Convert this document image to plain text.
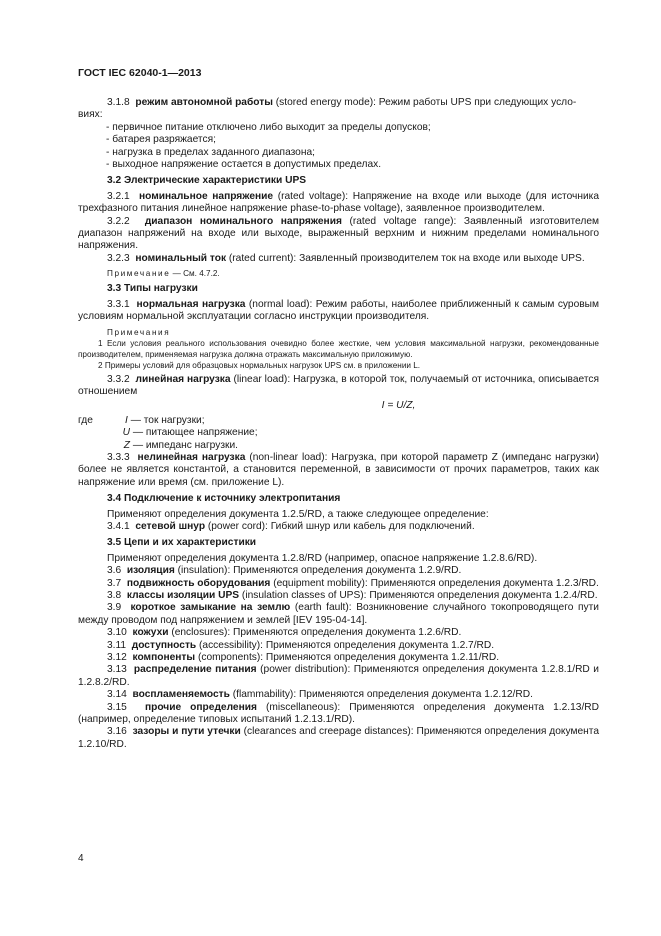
ГОСТ IEC 62040-1—2013

3.1.8 режим автономной работы (stored energy mode): Режим работы UPS при следующих усло-

виях:

- первичное питание отключено либо выходит за пределы допусков;

- батарея разряжается;

- нагрузка в пределах заданного диапазона;

- выходное напряжение остается в допустимых пределах.

3.2 Электрические характеристики UPS

3.2.1 номинальное напряжение (rated voltage): Напряжение на входе или выходе (для источника трехфазного питания линейное напряжение phase-to-phase voltage), заявленное производителем.

3.2.2 диапазон номинального напряжения (rated voltage range): Заявленный изготовителем диапазон напряжений на входе или выходе, выраженный верхним и нижним пределами номинального напряжения.

3.2.3 номинальный ток (rated current): Заявленный производителем ток на входе или выходе UPS.

Примечание — См. 4.7.2.

3.3 Типы нагрузки

3.3.1 нормальная нагрузка (normal load): Режим работы, наиболее приближенный к самым суровым условиям нормальной эксплуатации согласно инструкции производителя.

Примечания

1 Если условия реального использования очевидно более жесткие, чем условия максимальной нагрузки, рекомендованные производителем, применяемая нагрузка должна отражать максимальную приложимую.

2 Примеры условий для образцовых нормальных нагрузок UPS см. в приложении L.

3.3.2 линейная нагрузка (linear load): Нагрузка, в которой ток, получаемый от источника, описывается отношением

I = U/Z,

где	I — ток нагрузки;

U — питающее напряжение;

Z — импеданс нагрузки.

3.3.3 нелинейная нагрузка (non-linear load): Нагрузка, при которой параметр Z (импеданс нагрузки) более не является константой, а становится переменной, в зависимости от прочих параметров, таких как напряжение или время (см. приложение L).

3.4 Подключение к источнику электропитания

Применяют определения документа 1.2.5/RD, а также следующее определение:

3.4.1 сетевой шнур (power cord): Гибкий шнур или кабель для подключений.

3.5 Цепи и их характеристики

Применяют определения документа 1.2.8/RD (например, опасное напряжение 1.2.8.6/RD).

3.6 изоляция (insulation): Применяются определения документа 1.2.9/RD.

3.7 подвижность оборудования (equipment mobility): Применяются определения документа 1.2.3/RD.

3.8 классы изоляции UPS (insulation classes of UPS): Применяются определения документа 1.2.4/RD.

3.9 короткое замыкание на землю (earth fault): Возникновение случайного токопроводящего пути между проводом под напряжением и землей [IEV 195-04-14].

3.10 кожухи (enclosures): Применяются определения документа 1.2.6/RD.

3.11 доступность (accessibility): Применяются определения документа 1.2.7/RD.

3.12 компоненты (components): Применяются определения документа 1.2.11/RD.

3.13 распределение питания (power distribution): Применяются определения документа 1.2.8.1/RD и 1.2.8.2/RD.

3.14 воспламеняемость (flammability): Применяются определения документа 1.2.12/RD.

3.15 прочие определения (miscellaneous): Применяются определения документа 1.2.13/RD (например, определение типовых испытаний 1.2.13.1/RD).

3.16 зазоры и пути утечки (clearances and creepage distances): Применяются определения документа 1.2.10/RD.

4
